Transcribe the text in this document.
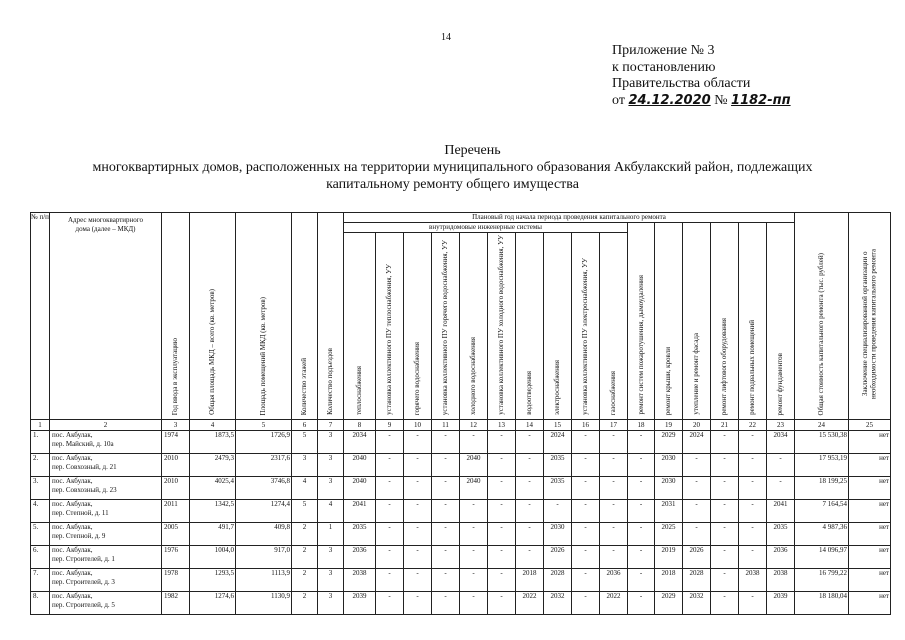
14
Приложение № 3
к постановлению
Правительства области
от 24.12.2020 № 1182-пп
Перечень
многоквартирных домов, расположенных на территории муниципального образования Акбулакский район, подлежащих
капитальному ремонту общего имущества
№ п/п	Адрес многоквартирного дома (далее – МКД)	Год ввода в эксплуатацию	Общая площадь МКД – всего (кв. метров)	Площадь помещений МКД (кв. метров)	Количество этажей	Количество подъездов	Плановый год начала периода проведения капитального ремонта																Общая стоимость капитального ремонта (тыс. рублей)	Заключение специализированной организации о необходимости проведения капитального ремонта
							внутридомовые инженерные системы										ремонт систем пожаротушения, дымоудаления	ремонт крыши, кровли	утепление и ремонт фасада	ремонт лифтового оборудования	ремонт подвальных помещений	ремонт фундаментов		
							теплоснабжения	установка коллективного ПУ теплоснабжения, УУ	горячего водоснабжения	установка коллективного ПУ горячего водоснабжения, УУ	холодного водоснабжения	установка коллективного ПУ холодного водоснабжения, УУ	водоотведения	электроснабжения	установка коллективного ПУ электроснабжения, УУ	газоснабжения								
1	2	3	4	5	6	7	8	9	10	11	12	13	14	15	16	17	18	19	20	21	22	23	24	25
1.	пос. Акбулак,
пер. Майский, д. 10а	1974	1873,5	1726,9	5	3	2034	-	-	-	-	-	-	2024	-	-	-	2029	2024	-	-	2034	15 530,38	нет
2.	пос. Акбулак,
пер. Совхозный, д. 21	2010	2479,3	2317,6	3	3	2040	-	-	-	2040	-	-	2035	-	-	-	2030	-	-	-	-	17 953,19	нет
3.	пос. Акбулак,
пер. Совхозный, д. 23	2010	4025,4	3746,8	4	3	2040	-	-	-	2040	-	-	2035	-	-	-	2030	-	-	-	-	18 199,25	нет
4.	пос. Акбулак,
пер. Степной, д. 11	2011	1342,5	1274,4	5	4	2041	-	-	-	-	-	-	-	-	-	-	2031	-	-	-	2041	7 164,54	нет
5.	пос. Акбулак,
пер. Степной, д. 9	2005	491,7	409,8	2	1	2035	-	-	-	-	-	-	2030	-	-	-	2025	-	-	-	2035	4 987,36	нет
6.	пос. Акбулак,
пер. Строителей, д. 1	1976	1004,0	917,0	2	3	2036	-	-	-	-	-	-	2026	-	-	-	2019	2026	-	-	2036	14 096,97	нет
7.	пос. Акбулак,
пер. Строителей, д. 3	1978	1293,5	1113,9	2	3	2038	-	-	-	-	-	2018	2028	-	2036	-	2018	2028	-	2038	2038	16 799,22	нет
8.	пос. Акбулак,
пер. Строителей, д. 5	1982	1274,6	1130,9	2	3	2039	-	-	-	-	-	2022	2032	-	2022	-	2029	2032	-	-	2039	18 180,04	нет
